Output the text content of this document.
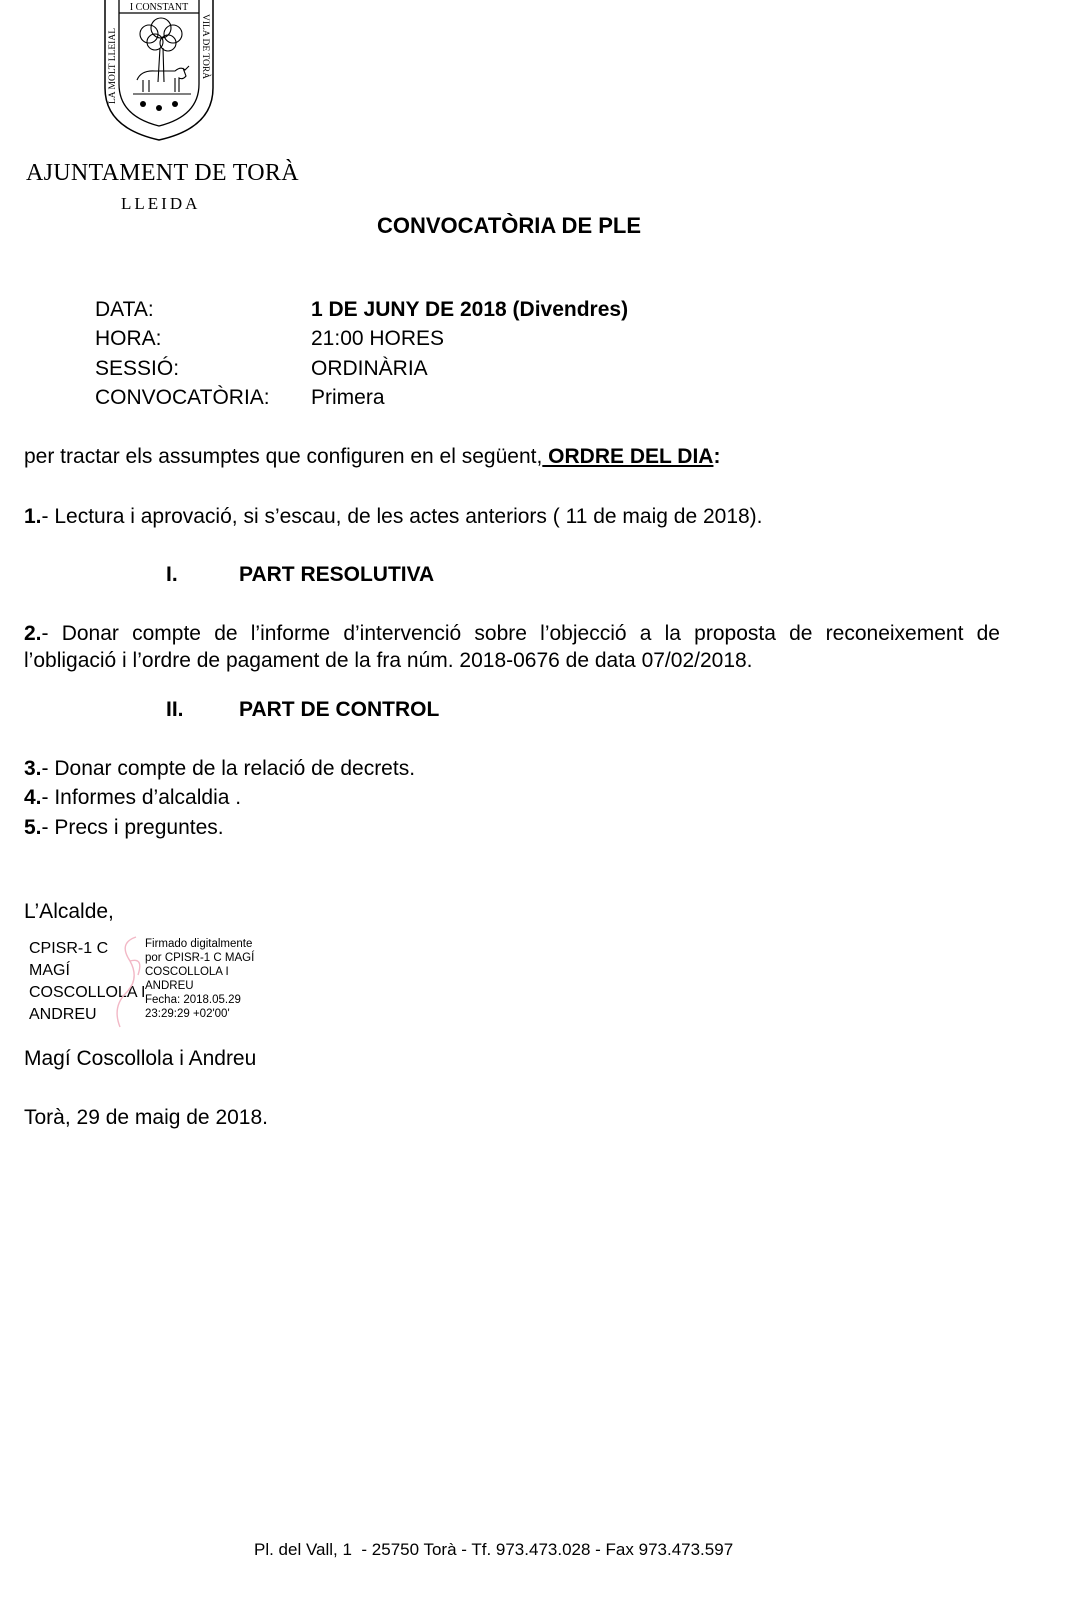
I CONSTANT
LA MOLT LLEIAL	VILA DE TORÀ
AJUNTAMENT DE TORÀ
LLEIDA
CONVOCATÒRIA DE PLE
DATA:	1 DE JUNY DE 2018 (Divendres)
HORA:	21:00 HORES
SESSIÓ:	ORDINÀRIA
CONVOCATÒRIA: Primera
per tractar els assumptes que configuren en el següent, ORDRE DEL DIA:
1.- Lectura i aprovació, si s’escau, de les actes anteriors ( 11 de maig de 2018).
I.	PART RESOLUTIVA
2.- Donar compte de l’informe d’intervenció sobre l’objecció a la proposta de reconeixement de
l’obligació i l’ordre de pagament de la fra núm. 2018-0676 de data 07/02/2018.
II.	PART DE CONTROL
3.- Donar compte de la relació de decrets.
4.- Informes d’alcaldia .
5.- Precs i preguntes.
L’Alcalde,
CPISR-1 C
MAGÍ
COSCOLLOLA I
ANDREU
Firmado digitalmente
por CPISR-1 C MAGÍ
COSCOLLOLA I
ANDREU
Fecha: 2018.05.29
23:29:29 +02'00'
Magí Coscollola i Andreu
Torà, 29 de maig de 2018.
Pl. del Vall, 1  - 25750 Torà - Tf. 973.473.028 - Fax 973.473.597
